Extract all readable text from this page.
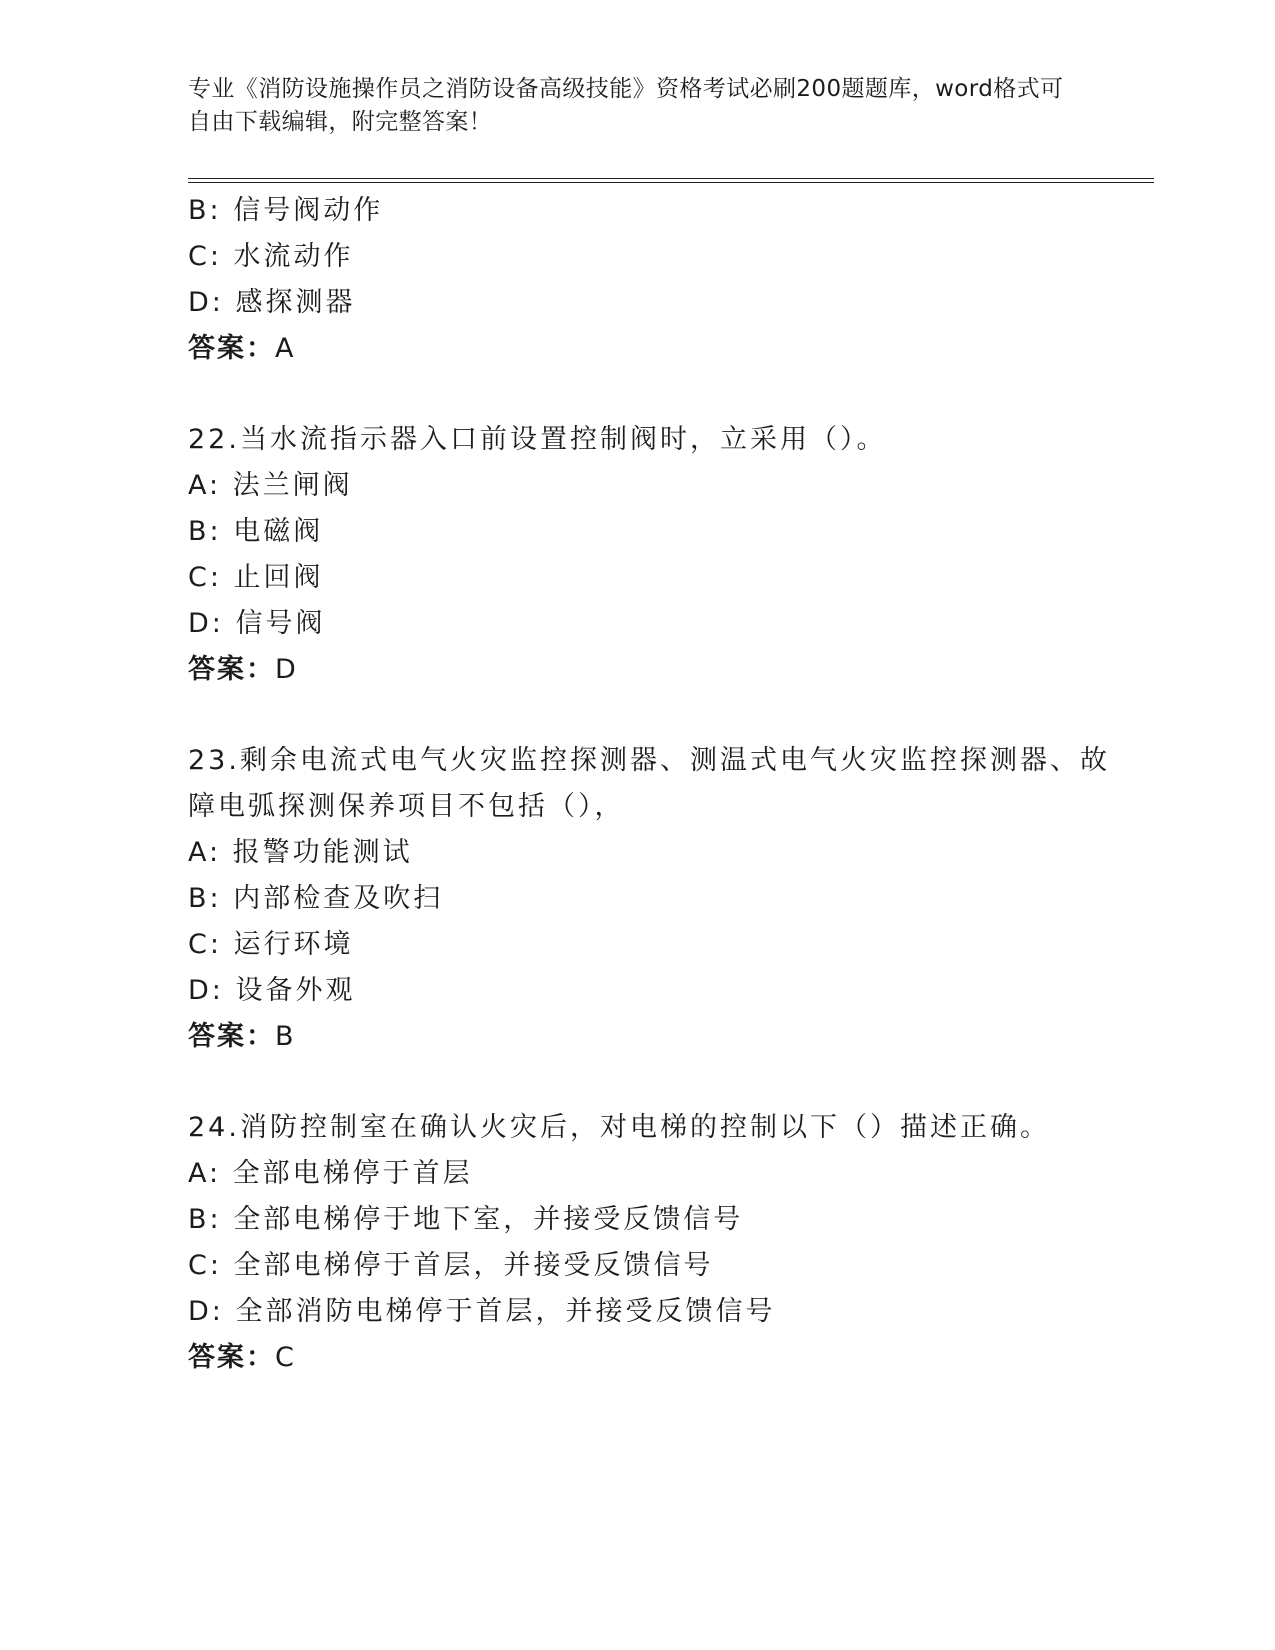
专业《消防设施操作员之消防设备高级技能》资格考试必刷200题题库，word格式可自由下载编辑，附完整答案！
B: 信号阀动作
C: 水流动作
D: 感探测器
答案：A
22.当水流指示器入口前设置控制阀时，立采用（）。
A: 法兰闸阀
B: 电磁阀
C: 止回阀
D: 信号阀
答案：D
23.剩余电流式电气火灾监控探测器、测温式电气火灾监控探测器、故
障电弧探测保养项目不包括（），
A: 报警功能测试
B: 内部检查及吹扫
C: 运行环境
D: 设备外观
答案：B
24.消防控制室在确认火灾后，对电梯的控制以下（）描述正确。
A: 全部电梯停于首层
B: 全部电梯停于地下室，并接受反馈信号
C: 全部电梯停于首层，并接受反馈信号
D: 全部消防电梯停于首层，并接受反馈信号
答案：C
